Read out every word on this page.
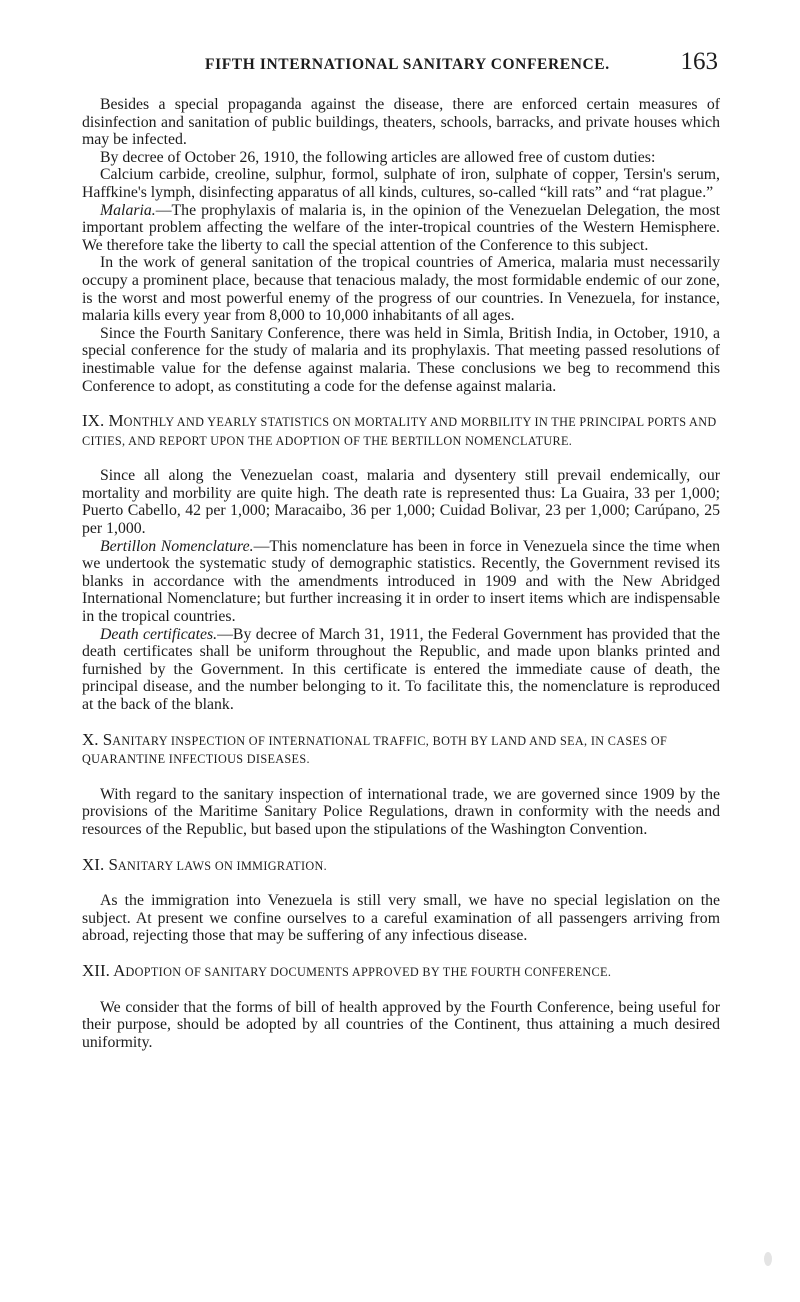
FIFTH INTERNATIONAL SANITARY CONFERENCE.	163

Besides a special propaganda against the disease, there are enforced certain measures of disinfection and sanitation of public buildings, theaters, schools, barracks, and private houses which may be infected.

By decree of October 26, 1910, the following articles are allowed free of custom duties:

Calcium carbide, creoline, sulphur, formol, sulphate of iron, sulphate of copper, Tersin's serum, Haffkine's lymph, disinfecting apparatus of all kinds, cultures, so-called “kill rats” and “rat plague.”

Malaria.—The prophylaxis of malaria is, in the opinion of the Venezuelan Delegation, the most important problem affecting the welfare of the inter-tropical countries of the Western Hemisphere. We therefore take the liberty to call the special attention of the Conference to this subject.

In the work of general sanitation of the tropical countries of America, malaria must necessarily occupy a prominent place, because that tenacious malady, the most formidable endemic of our zone, is the worst and most powerful enemy of the progress of our countries. In Venezuela, for instance, malaria kills every year from 8,000 to 10,000 inhabitants of all ages.

Since the Fourth Sanitary Conference, there was held in Simla, British India, in October, 1910, a special conference for the study of malaria and its prophylaxis. That meeting passed resolutions of inestimable value for the defense against malaria. These conclusions we beg to recommend this Conference to adopt, as constituting a code for the defense against malaria.

IX. MONTHLY AND YEARLY STATISTICS ON MORTALITY AND MORBILITY IN THE PRINCIPAL PORTS AND CITIES, AND REPORT UPON THE ADOPTION OF THE BERTILLON NOMENCLATURE.

Since all along the Venezuelan coast, malaria and dysentery still prevail endemically, our mortality and morbility are quite high. The death rate is represented thus: La Guaira, 33 per 1,000; Puerto Cabello, 42 per 1,000; Maracaibo, 36 per 1,000; Cuidad Bolivar, 23 per 1,000; Carúpano, 25 per 1,000.

Bertillon Nomenclature.—This nomenclature has been in force in Venezuela since the time when we undertook the systematic study of demographic statistics. Recently, the Government revised its blanks in accordance with the amendments introduced in 1909 and with the New Abridged International Nomenclature; but further increasing it in order to insert items which are indispensable in the tropical countries.

Death certificates.—By decree of March 31, 1911, the Federal Government has provided that the death certificates shall be uniform throughout the Republic, and made upon blanks printed and furnished by the Government. In this certificate is entered the immediate cause of death, the principal disease, and the number belonging to it. To facilitate this, the nomenclature is reproduced at the back of the blank.

X. SANITARY INSPECTION OF INTERNATIONAL TRAFFIC, BOTH BY LAND AND SEA, IN CASES OF QUARANTINE INFECTIOUS DISEASES.

With regard to the sanitary inspection of international trade, we are governed since 1909 by the provisions of the Maritime Sanitary Police Regulations, drawn in conformity with the needs and resources of the Republic, but based upon the stipulations of the Washington Convention.

XI. SANITARY LAWS ON IMMIGRATION.

As the immigration into Venezuela is still very small, we have no special legislation on the subject. At present we confine ourselves to a careful examination of all passengers arriving from abroad, rejecting those that may be suffering of any infectious disease.

XII. ADOPTION OF SANITARY DOCUMENTS APPROVED BY THE FOURTH CONFERENCE.

We consider that the forms of bill of health approved by the Fourth Conference, being useful for their purpose, should be adopted by all countries of the Continent, thus attaining a much desired uniformity.
